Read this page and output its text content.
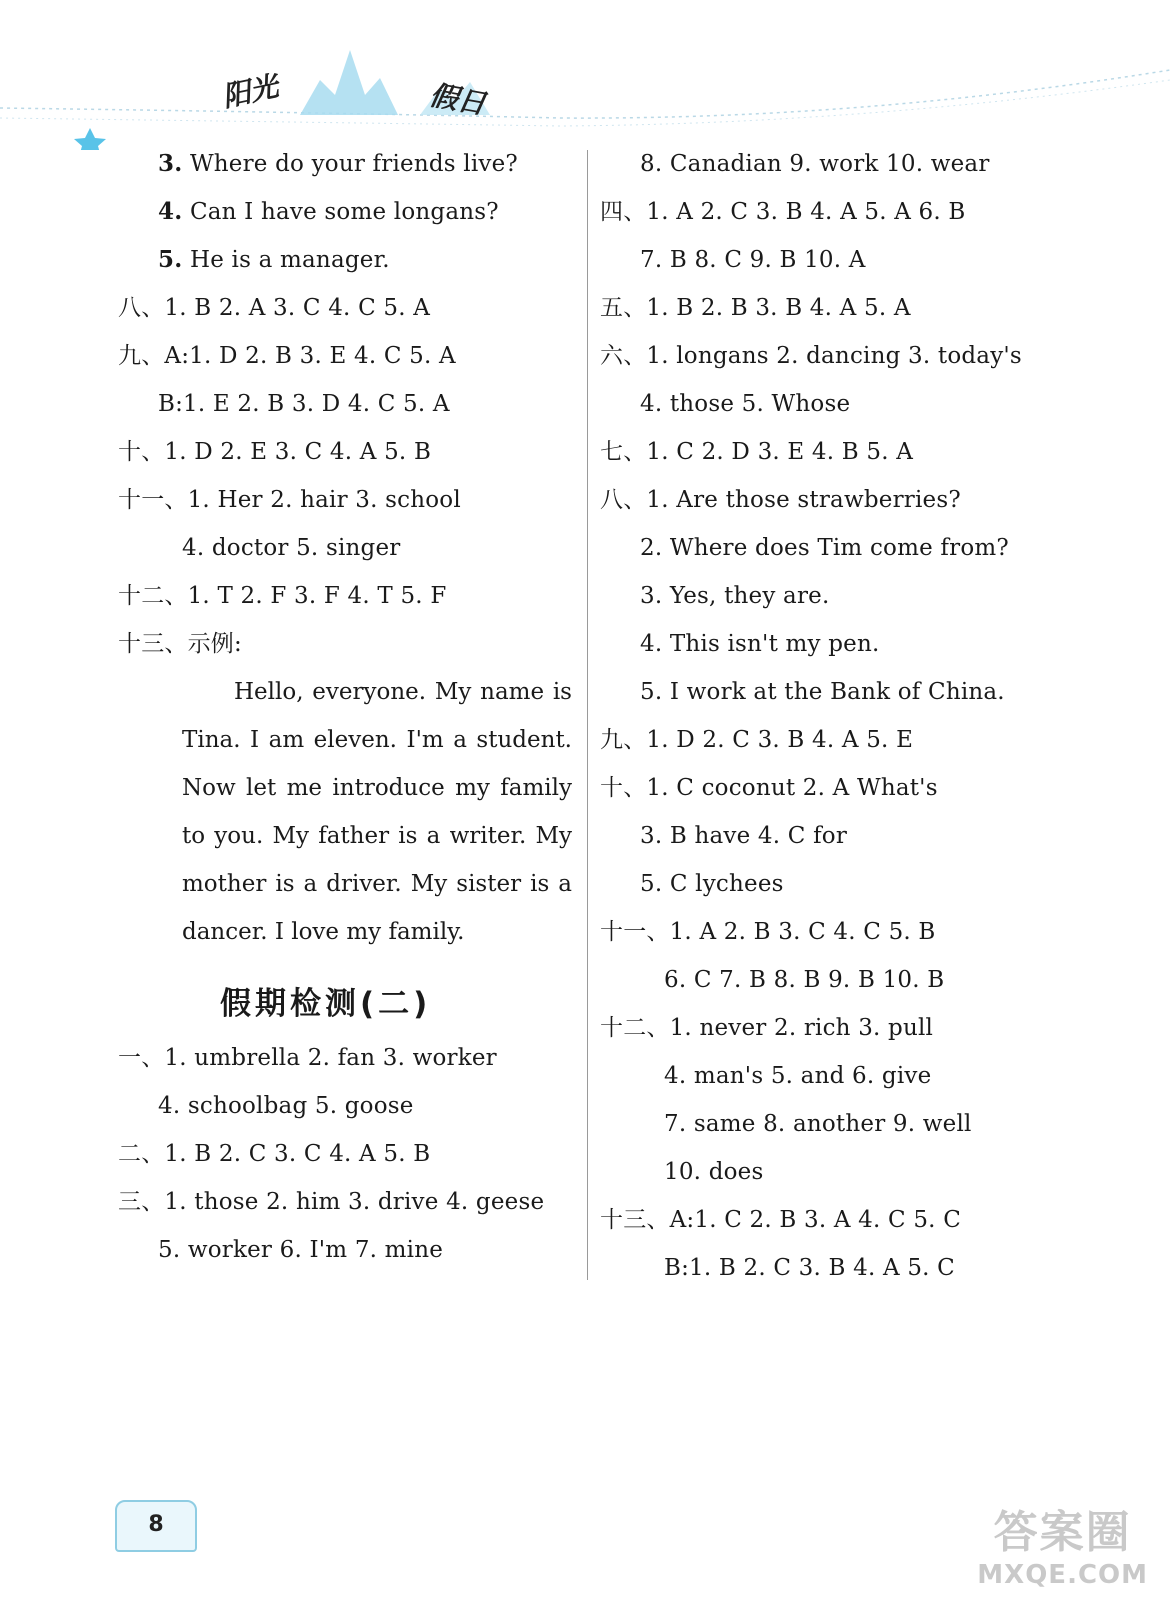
阳光	假日
3. Where do your friends live?
4. Can I have some longans?
5. He is a manager.
八、1. B 2. A 3. C 4. C 5. A
九、A:1. D 2. B 3. E 4. C 5. A
B:1. E 2. B 3. D 4. C 5. A
十、1. D 2. E 3. C 4. A 5. B
十一、1. Her 2. hair 3. school
4. doctor 5. singer
十二、1. T 2. F 3. F 4. T 5. F
十三、示例:
Hello, everyone. My name is
Tina. I am eleven. I'm a student.
Now let me introduce my family
to you. My father is a writer. My
mother is a driver. My sister is a
dancer. I love my family.
假期检测(二)
一、1. umbrella 2. fan 3. worker
4. schoolbag 5. goose
二、1. B 2. C 3. C 4. A 5. B
三、1. those 2. him 3. drive 4. geese
5. worker 6. I'm 7. mine
8. Canadian 9. work 10. wear
四、1. A 2. C 3. B 4. A 5. A 6. B
7. B 8. C 9. B 10. A
五、1. B 2. B 3. B 4. A 5. A
六、1. longans 2. dancing 3. today's
4. those 5. Whose
七、1. C 2. D 3. E 4. B 5. A
八、1. Are those strawberries?
2. Where does Tim come from?
3. Yes, they are.
4. This isn't my pen.
5. I work at the Bank of China.
九、1. D 2. C 3. B 4. A 5. E
十、1. C coconut 2. A What's
3. B have 4. C for
5. C lychees
十一、1. A 2. B 3. C 4. C 5. B
6. C 7. B 8. B 9. B 10. B
十二、1. never 2. rich 3. pull
4. man's 5. and 6. give
7. same 8. another 9. well
10. does
十三、A:1. C 2. B 3. A 4. C 5. C
B:1. B 2. C 3. B 4. A 5. C
8	答案圈
MXQE.COM
